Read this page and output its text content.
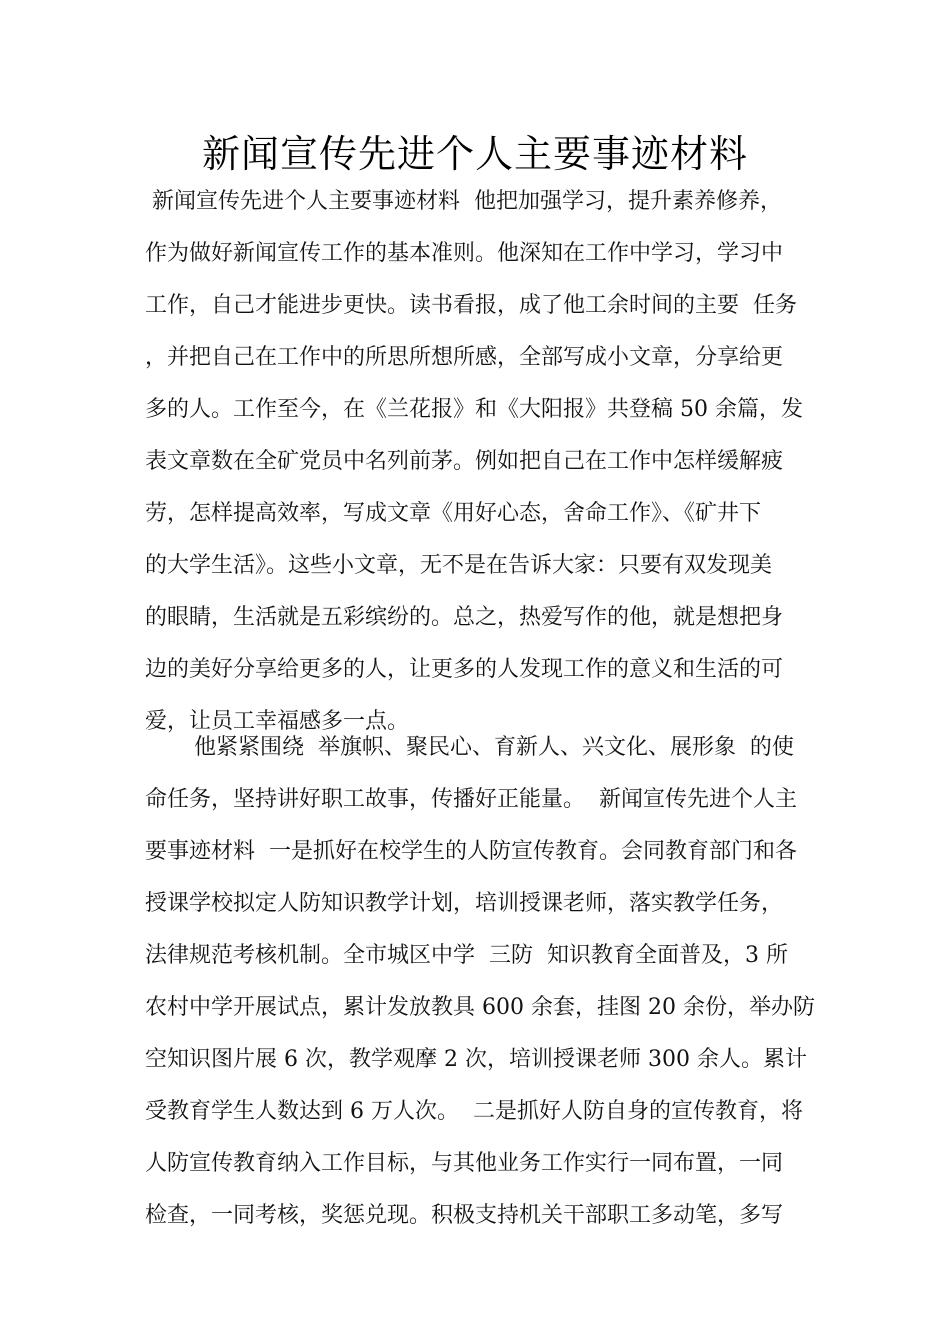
新闻宣传先进个人主要事迹材料
新闻宣传先进个人主要事迹材料  他把加强学习，提升素养修养，
作为做好新闻宣传工作的基本准则。他深知在工作中学习，学习中
工作，自己才能进步更快。读书看报，成了他工余时间的主要  任务
，并把自己在工作中的所思所想所感，全部写成小文章，分享给更
多的人。工作至今，在《兰花报》和《大阳报》共登稿 50 余篇，发
表文章数在全矿党员中名列前茅。例如把自己在工作中怎样缓解疲
劳，怎样提高效率，写成文章《用好心态，舍命工作》、《矿井下
的大学生活》。这些小文章，无不是在告诉大家：只要有双发现美
的眼睛，生活就是五彩缤纷的。总之，热爱写作的他，就是想把身
边的美好分享给更多的人，让更多的人发现工作的意义和生活的可
爱，让员工幸福感多一点。
他紧紧围绕  举旗帜、聚民心、育新人、兴文化、展形象  的使
命任务，坚持讲好职工故事，传播好正能量。  新闻宣传先进个人主
要事迹材料  一是抓好在校学生的人防宣传教育。会同教育部门和各
授课学校拟定人防知识教学计划，培训授课老师，落实教学任务，
法律规范考核机制。全市城区中学  三防  知识教育全面普及，3 所
农村中学开展试点，累计发放教具 600 余套，挂图 20 余份，举办防
空知识图片展 6 次，教学观摩 2 次，培训授课老师 300 余人。累计
受教育学生人数达到 6 万人次。  二是抓好人防自身的宣传教育，将
人防宣传教育纳入工作目标，与其他业务工作实行一同布置，一同
检查，一同考核，奖惩兑现。积极支持机关干部职工多动笔，多写
